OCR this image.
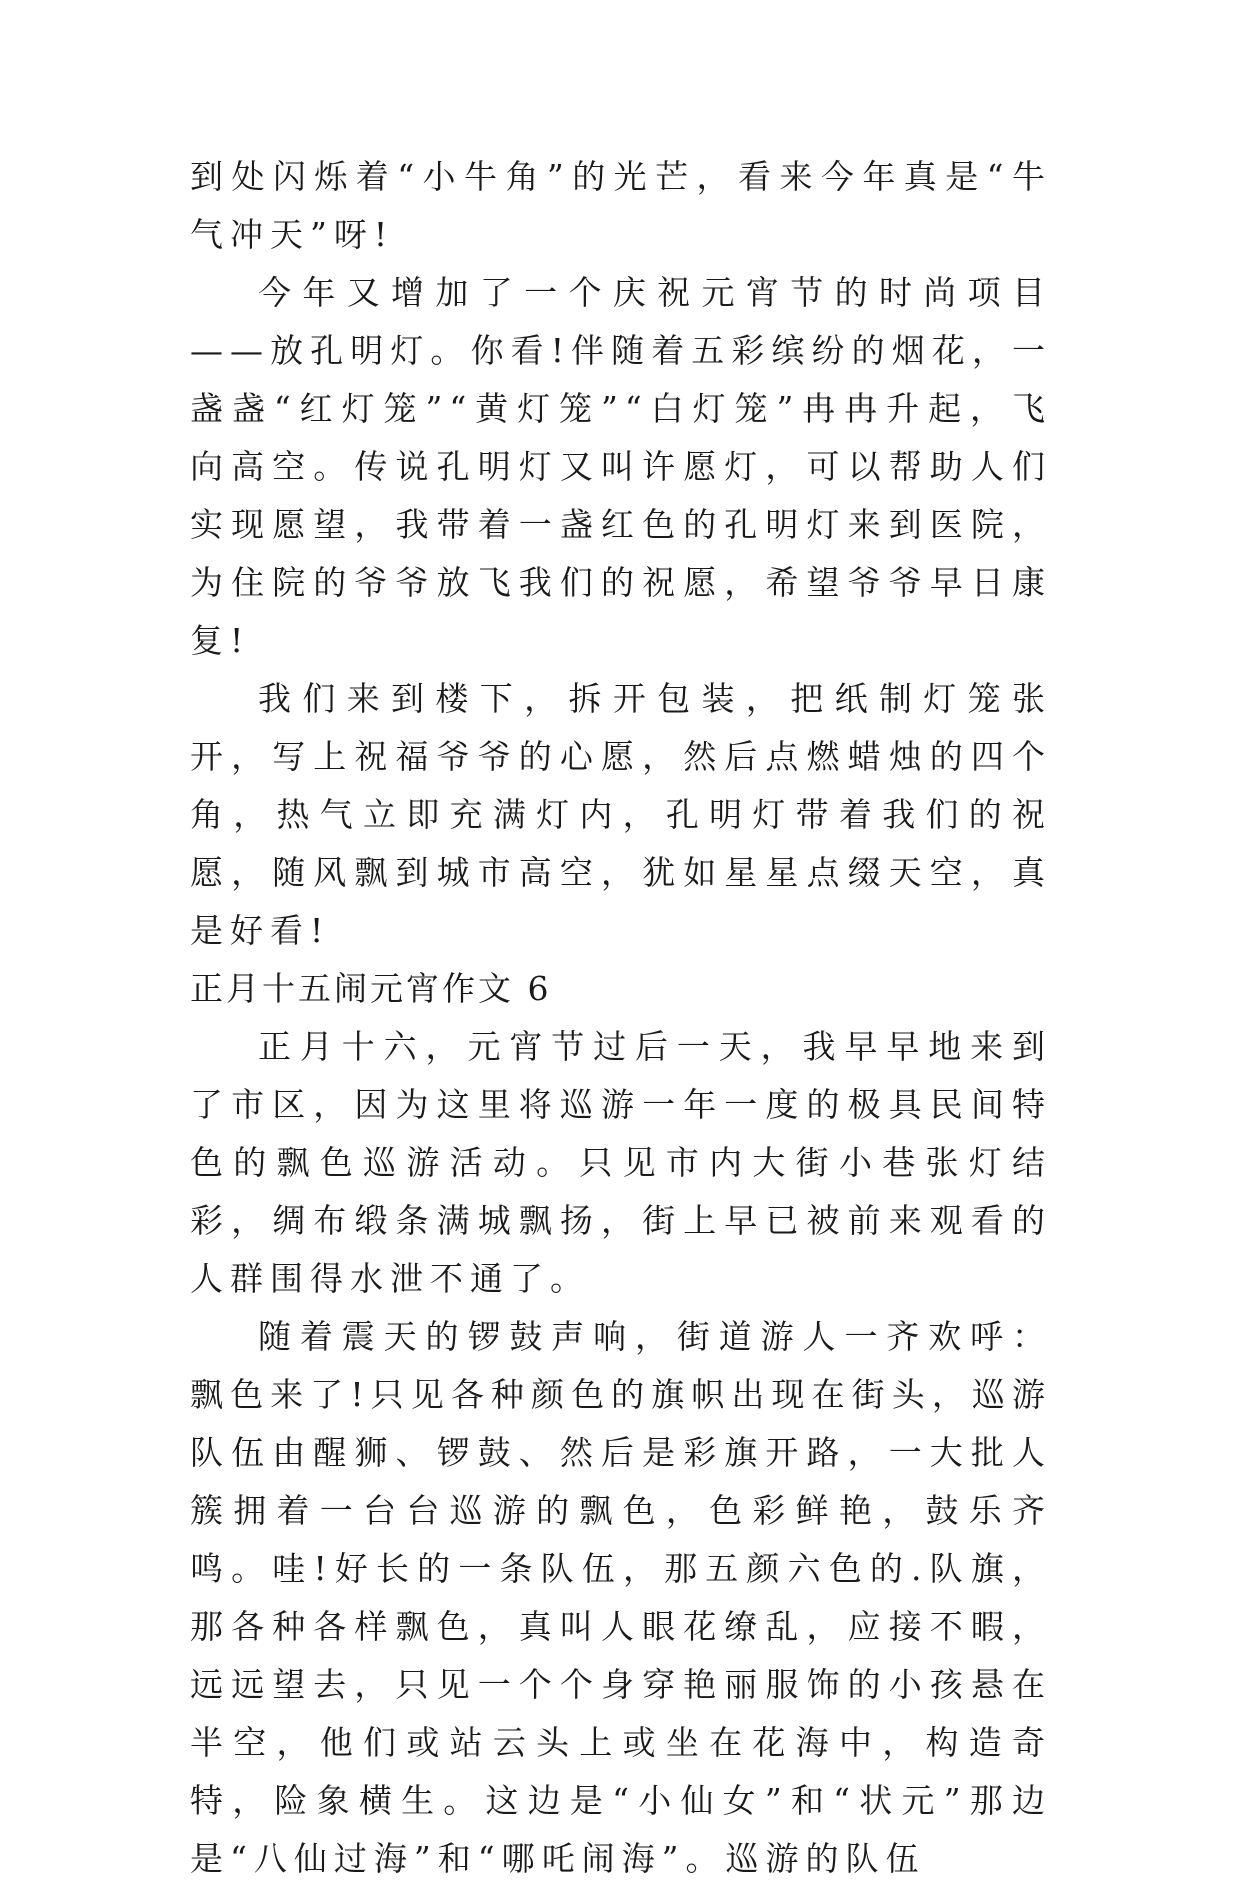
到处闪烁着“小牛角”的光芒，看来今年真是“牛气冲天”呀!

今年又增加了一个庆祝元宵节的时尚项目——放孔明灯。你看!伴随着五彩缤纷的烟花，一盏盏“红灯笼”“黄灯笼”“白灯笼”冉冉升起，飞向高空。传说孔明灯又叫许愿灯，可以帮助人们实现愿望，我带着一盏红色的孔明灯来到医院，为住院的爷爷放飞我们的祝愿，希望爷爷早日康复!

我们来到楼下，拆开包装，把纸制灯笼张开，写上祝福爷爷的心愿，然后点燃蜡烛的四个角，热气立即充满灯内，孔明灯带着我们的祝愿，随风飘到城市高空，犹如星星点缀天空，真是好看!

正月十五闹元宵作文 6

正月十六，元宵节过后一天，我早早地来到了市区，因为这里将巡游一年一度的极具民间特色的飘色巡游活动。只见市内大街小巷张灯结彩，绸布缎条满城飘扬，街上早已被前来观看的人群围得水泄不通了。

随着震天的锣鼓声响，街道游人一齐欢呼：飘色来了!只见各种颜色的旗帜出现在街头，巡游队伍由醒狮、锣鼓、然后是彩旗开路，一大批人簇拥着一台台巡游的飘色，色彩鲜艳，鼓乐齐鸣。哇!好长的一条队伍，那五颜六色的.队旗，那各种各样飘色，真叫人眼花缭乱，应接不暇，远远望去，只见一个个身穿艳丽服饰的小孩悬在半空，他们或站云头上或坐在花海中，构造奇特，险象横生。这边是“小仙女”和“状元”那边是“八仙过海”和“哪吒闹海”。巡游的队伍
